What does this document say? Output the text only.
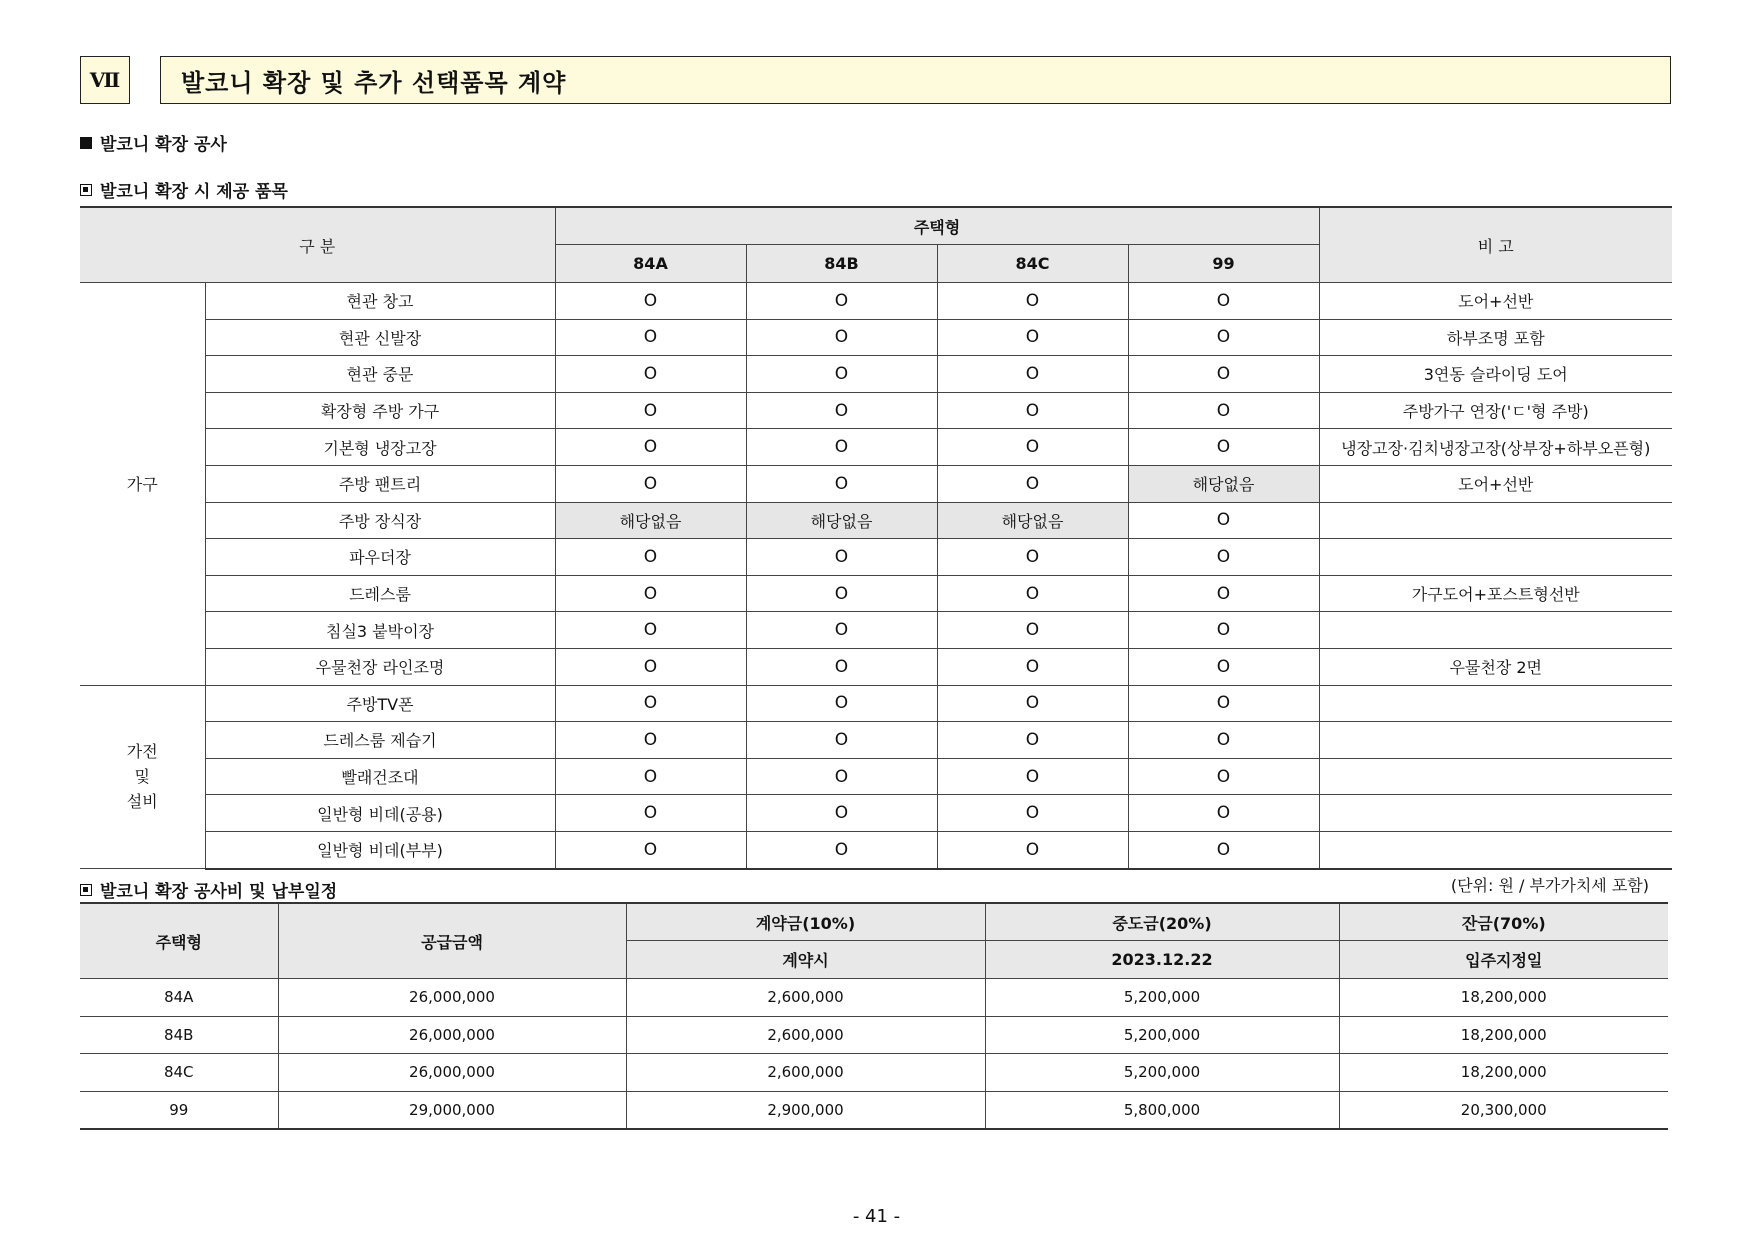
Ⅶ	발코니 확장 및 추가 선택품목 계약
발코니 확장 공사
발코니 확장 시 제공 품목
구 분		주택형				비 고
		84A	84B	84C	99	
가구	현관 창고	O	O	O	O	도어+선반
	현관 신발장	O	O	O	O	하부조명 포함
	현관 중문	O	O	O	O	3연동 슬라이딩 도어
	확장형 주방 가구	O	O	O	O	주방가구 연장('ㄷ'형 주방)
	기본형 냉장고장	O	O	O	O	냉장고장·김치냉장고장(상부장+하부오픈형)
	주방 팬트리	O	O	O	해당없음	도어+선반
	주방 장식장	해당없음	해당없음	해당없음	O	
	파우더장	O	O	O	O	
	드레스룸	O	O	O	O	가구도어+포스트형선반
	침실3 붙박이장	O	O	O	O	
	우물천장 라인조명	O	O	O	O	우물천장 2면

가전
및
설비	주방TV폰	O	O	O	O	
	드레스룸 제습기	O	O	O	O	
	빨래건조대	O	O	O	O	
	일반형 비데(공용)	O	O	O	O	
	일반형 비데(부부)	O	O	O	O	
발코니 확장 공사비 및 납부일정	(단위: 원 / 부가가치세 포함)
주택형	공급금액	계약금(10%)	중도금(20%)	잔금(70%)
		계약시	2023.12.22	입주지정일
84A	26,000,000	2,600,000	5,200,000	18,200,000
84B	26,000,000	2,600,000	5,200,000	18,200,000
84C	26,000,000	2,600,000	5,200,000	18,200,000
99	29,000,000	2,900,000	5,800,000	20,300,000
- 41 -
